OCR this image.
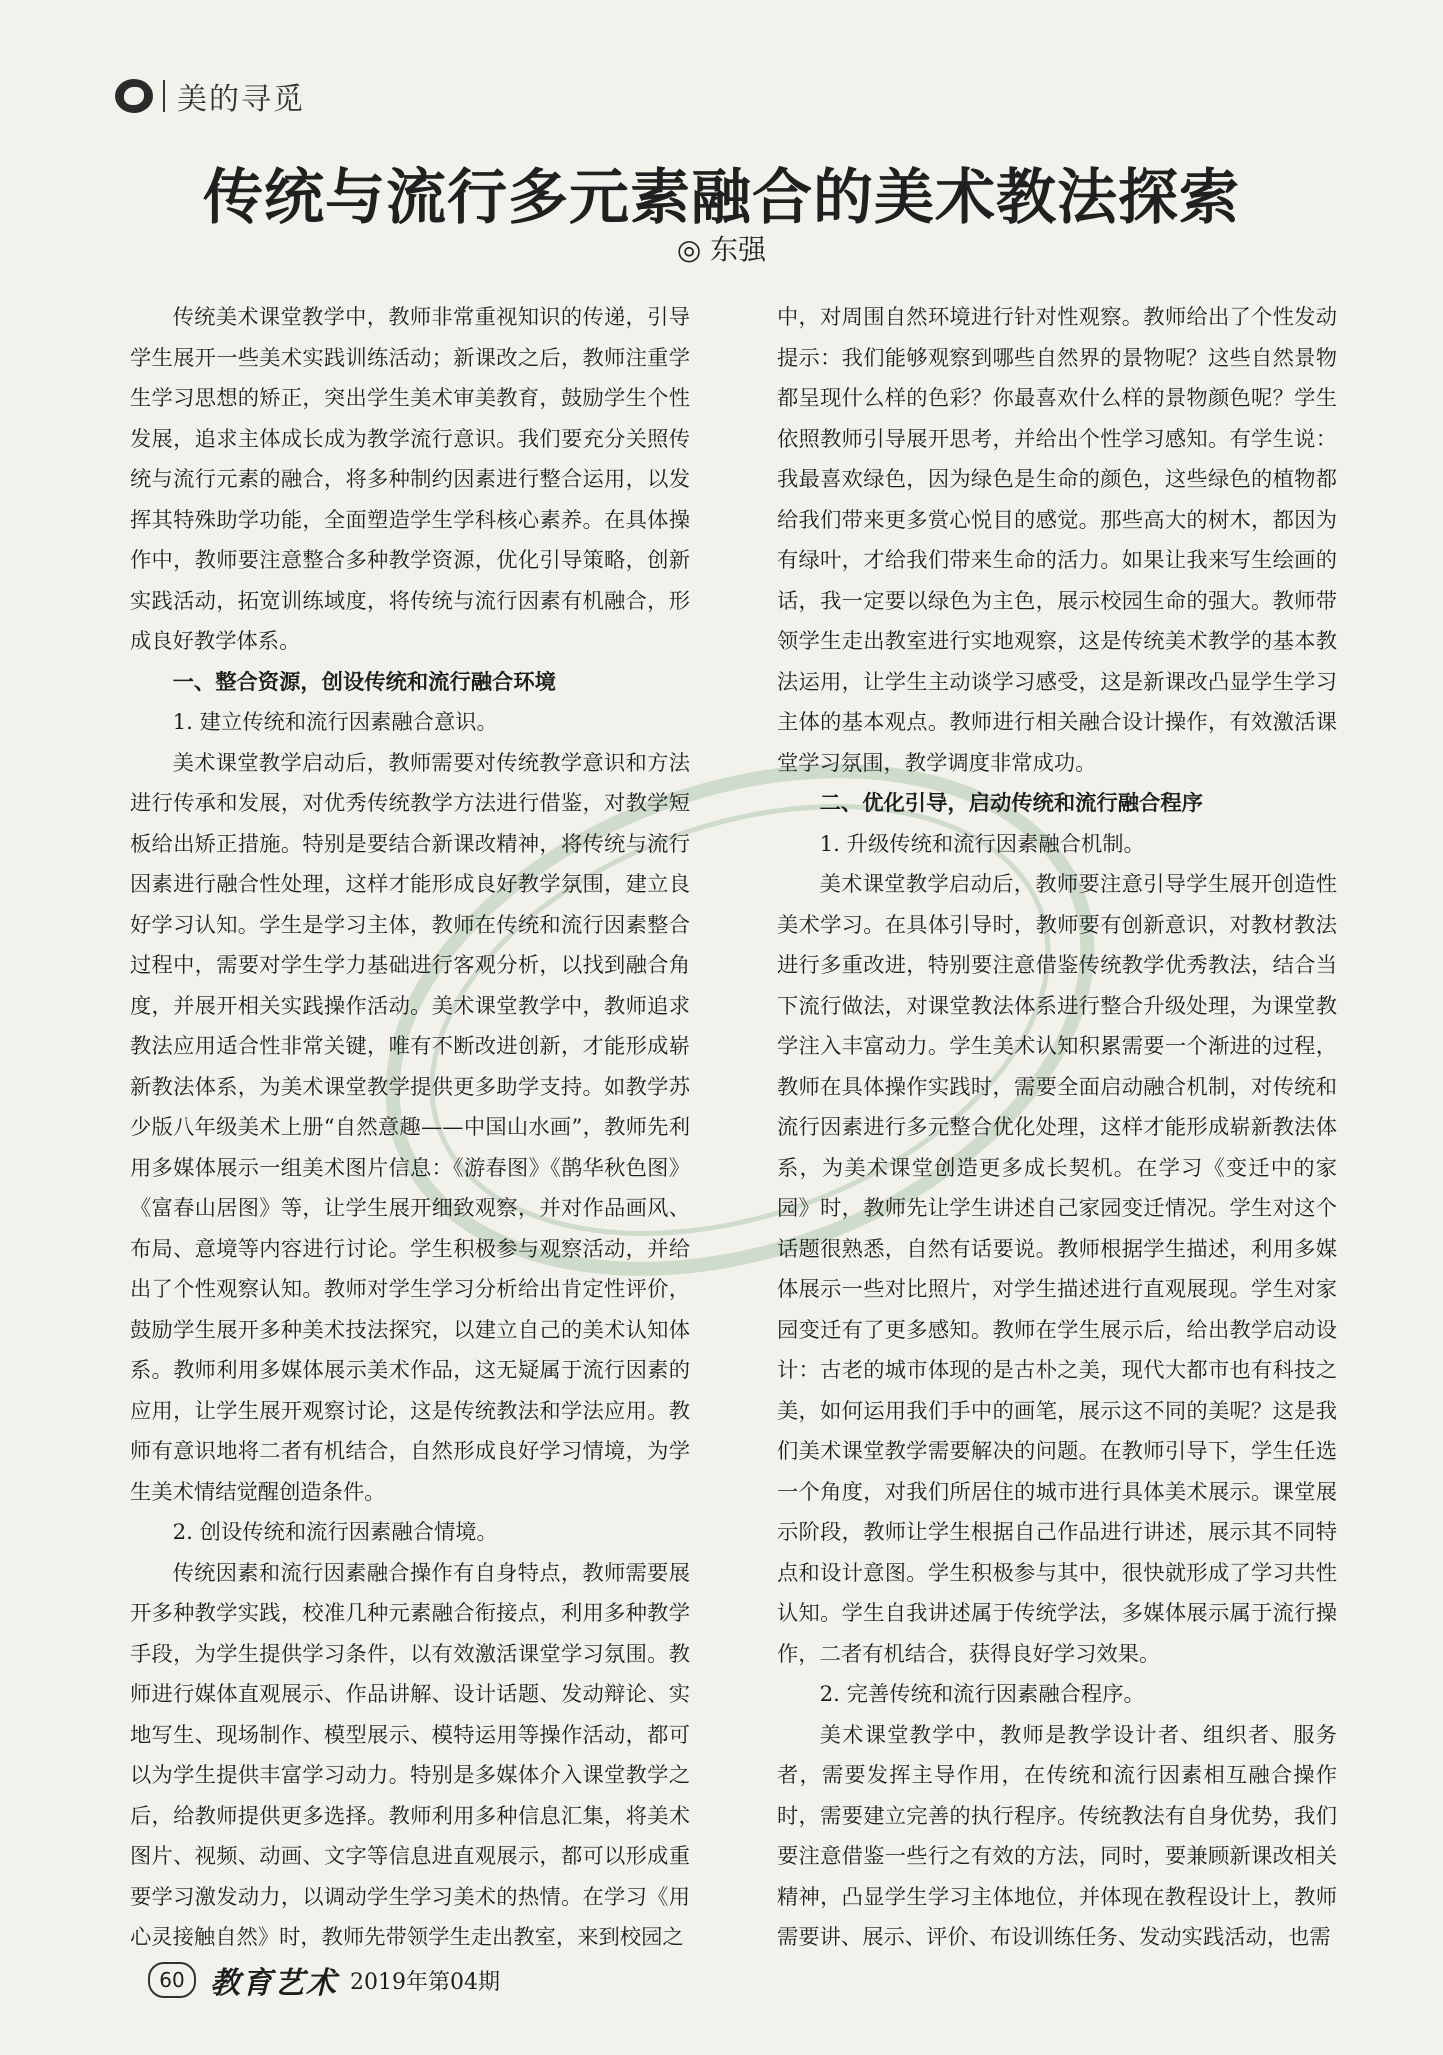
美的寻觅
传统与流行多元素融合的美术教法探索
◎ 东强

传统美术课堂教学中，教师非常重视知识的传递，引导学生展开一些美术实践训练活动；新课改之后，教师注重学生学习思想的矫正，突出学生美术审美教育，鼓励学生个性发展，追求主体成长成为教学流行意识。我们要充分关照传统与流行元素的融合，将多种制约因素进行整合运用，以发挥其特殊助学功能，全面塑造学生学科核心素养。在具体操作中，教师要注意整合多种教学资源，优化引导策略，创新实践活动，拓宽训练域度，将传统与流行因素有机融合，形成良好教学体系。

一、整合资源，创设传统和流行融合环境

1. 建立传统和流行因素融合意识。

美术课堂教学启动后，教师需要对传统教学意识和方法进行传承和发展，对优秀传统教学方法进行借鉴，对教学短板给出矫正措施。特别是要结合新课改精神，将传统与流行因素进行融合性处理，这样才能形成良好教学氛围，建立良好学习认知。学生是学习主体，教师在传统和流行因素整合过程中，需要对学生学力基础进行客观分析，以找到融合角度，并展开相关实践操作活动。美术课堂教学中，教师追求教法应用适合性非常关键，唯有不断改进创新，才能形成崭新教法体系，为美术课堂教学提供更多助学支持。如教学苏少版八年级美术上册“自然意趣——中国山水画”，教师先利用多媒体展示一组美术图片信息：《游春图》《鹊华秋色图》《富春山居图》等，让学生展开细致观察，并对作品画风、布局、意境等内容进行讨论。学生积极参与观察活动，并给出了个性观察认知。教师对学生学习分析给出肯定性评价，鼓励学生展开多种美术技法探究，以建立自己的美术认知体系。教师利用多媒体展示美术作品，这无疑属于流行因素的应用，让学生展开观察讨论，这是传统教法和学法应用。教师有意识地将二者有机结合，自然形成良好学习情境，为学生美术情结觉醒创造条件。

2. 创设传统和流行因素融合情境。

传统因素和流行因素融合操作有自身特点，教师需要展开多种教学实践，校准几种元素融合衔接点，利用多种教学手段，为学生提供学习条件，以有效激活课堂学习氛围。教师进行媒体直观展示、作品讲解、设计话题、发动辩论、实地写生、现场制作、模型展示、模特运用等操作活动，都可以为学生提供丰富学习动力。特别是多媒体介入课堂教学之后，给教师提供更多选择。教师利用多种信息汇集，将美术图片、视频、动画、文字等信息进直观展示，都可以形成重要学习激发动力，以调动学生学习美术的热情。在学习《用心灵接触自然》时，教师先带领学生走出教室，来到校园之

中，对周围自然环境进行针对性观察。教师给出了个性发动提示：我们能够观察到哪些自然界的景物呢？这些自然景物都呈现什么样的色彩？你最喜欢什么样的景物颜色呢？学生依照教师引导展开思考，并给出个性学习感知。有学生说：我最喜欢绿色，因为绿色是生命的颜色，这些绿色的植物都给我们带来更多赏心悦目的感觉。那些高大的树木，都因为有绿叶，才给我们带来生命的活力。如果让我来写生绘画的话，我一定要以绿色为主色，展示校园生命的强大。教师带领学生走出教室进行实地观察，这是传统美术教学的基本教法运用，让学生主动谈学习感受，这是新课改凸显学生学习主体的基本观点。教师进行相关融合设计操作，有效激活课堂学习氛围，教学调度非常成功。

二、优化引导，启动传统和流行融合程序

1. 升级传统和流行因素融合机制。

美术课堂教学启动后，教师要注意引导学生展开创造性美术学习。在具体引导时，教师要有创新意识，对教材教法进行多重改进，特别要注意借鉴传统教学优秀教法，结合当下流行做法，对课堂教法体系进行整合升级处理，为课堂教学注入丰富动力。学生美术认知积累需要一个渐进的过程，教师在具体操作实践时，需要全面启动融合机制，对传统和流行因素进行多元整合优化处理，这样才能形成崭新教法体系，为美术课堂创造更多成长契机。在学习《变迁中的家园》时，教师先让学生讲述自己家园变迁情况。学生对这个话题很熟悉，自然有话要说。教师根据学生描述，利用多媒体展示一些对比照片，对学生描述进行直观展现。学生对家园变迁有了更多感知。教师在学生展示后，给出教学启动设计：古老的城市体现的是古朴之美，现代大都市也有科技之美，如何运用我们手中的画笔，展示这不同的美呢？这是我们美术课堂教学需要解决的问题。在教师引导下，学生任选一个角度，对我们所居住的城市进行具体美术展示。课堂展示阶段，教师让学生根据自己作品进行讲述，展示其不同特点和设计意图。学生积极参与其中，很快就形成了学习共性认知。学生自我讲述属于传统学法，多媒体展示属于流行操作，二者有机结合，获得良好学习效果。

2. 完善传统和流行因素融合程序。

美术课堂教学中，教师是教学设计者、组织者、服务者，需要发挥主导作用，在传统和流行因素相互融合操作时，需要建立完善的执行程序。传统教法有自身优势，我们要注意借鉴一些行之有效的方法，同时，要兼顾新课改相关精神，凸显学生学习主体地位，并体现在教程设计上，教师需要讲、展示、评价、布设训练任务、发动实践活动，也需

60 教育艺术 2019年第04期
